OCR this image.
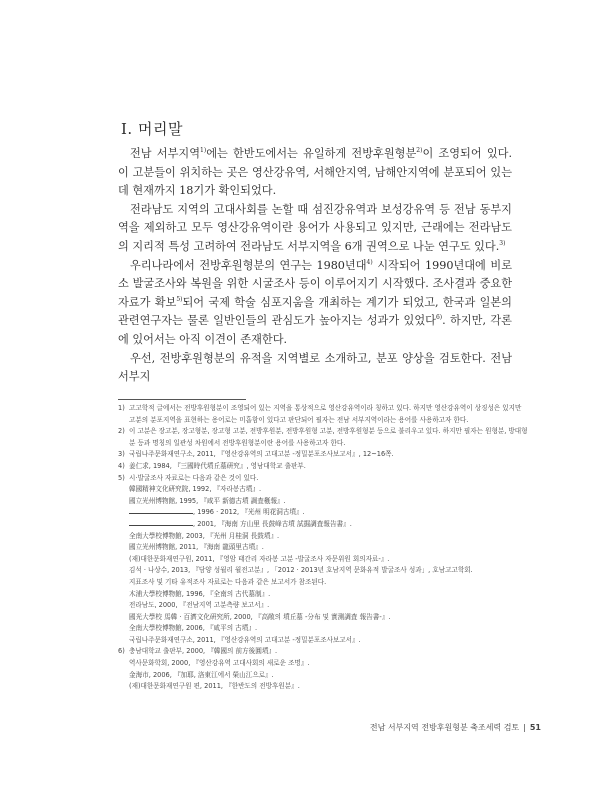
Ⅰ. 머리말

전남 서부지역$^{1)}$에는 한반도에서는 유일하게 전방후원형분$^{2)}$이 조영되어 있다. 이 고분들이 위치하는 곳은 영산강유역, 서해안지역, 남해안지역에 분포되어 있는데 현재까지 18기가 확인되었다.

전라남도 지역의 고대사회를 논할 때 섬진강유역과 보성강유역 등 전남 동부지 역을 제외하고 모두 영산강유역이란 용어가 사용되고 있지만, 근래에는 전라남도 의 지리적 특성 고려하여 전라남도 서부지역을 6개 권역으로 나눈 연구도 있다.$^{3)}$

우리나라에서 전방후원형분의 연구는 1980년대$^{4)}$ 시작되어 1990년대에 비로소 발굴조사와 복원을 위한 시굴조사 등이 이루어지기 시작했다. 조사결과 중요한 자료가 확보$^{5)}$되어 국제 학술 심포지움을 개최하는 계기가 되었고, 한국과 일본의 관련연구자는 물론 일반인들의 관심도가 높아지는 성과가 있었다$^{6)}$. 하지만, 각론에 있어서는 아직 이견이 존재한다.

우선, 전방후원형분의 유적을 지역별로 소개하고, 분포 양상을 검토한다. 전남 서부지

1) 고고학적 글에서는 전방후원형분이 조영되어 있는 지역을 통상적으로 영산강유역이라 칭하고 있다. 하지만 영산강유역이 상징성은 있지만 고분의 분포지역을 표현하는 용어로는 미흡함이 있다고 판단되어 필자는 전남 서부지역이라는 용어를 사용하고자 한다.
2) 이 고분은 장고분, 장고형분, 장고형 고분, 전방후원분, 전방후원형 고분, 전방후원형분 등으로 불리우고 있다. 하지만 필자는 원형분, 방대형분 등과 명칭의 일관성 차원에서 전방후원형분이란 용어를 사용하고자 한다.
3) 국립나주문화재연구소, 2011, 『영산강유역의 고대고분 -정밀분포조사보고서』, 12~16쪽.
4) 姜仁求, 1984, 『三國時代墳丘墓硏究』, 영남대학교 출판부.
5) 시·발굴조사 자료로는 다음과 같은 것이 있다.
韓國精神文化硏究院, 1992, 『자라봉古墳』.
國立光州博物館, 1995, 『咸平 新德古墳 調査槪報』.
, 1996 · 2012, 『光州 明花洞古墳』.
, 2001, 『海南 方山里 長鼓峰古墳 試掘調査報告書』.
全南大學校博物館, 2003, 『光州 月桂洞 長鼓墳』.
國立光州博物館, 2011, 『海南 龍頭里古墳』.
(재)대한문화재연구원, 2011, 『영암 태간리 자라봉 고분 -발굴조사 자문위원 회의자료-』.
김석 · 나상수, 2013, 『담양 성월리 월전고분』, 「2012 · 2013년 호남지역 문화유적 발굴조사 성과」, 호남고고학회.
지표조사 및 기타 유적조사 자료로는 다음과 같은 보고서가 참조된다.
木浦大學校博物館, 1996, 『全南의 古代墓制』.
전라남도, 2000, 『전남지역 고분측량 보고서』.
國光大學校 馬韓 · 百濟文化硏究所, 2000, 『高敞의 墳丘墓 -分布 및 實測調査 報告書-』.
全南大學校博物館, 2006, 『咸平의 古墳』.
국립나주문화재연구소, 2011, 『영산강유역의 고대고분 -정밀분포조사보고서』.
6) 충남대학교 출판부, 2000, 『韓國의 前方後圓墳』.
역사문화학회, 2000, 『영산강유역 고대사회의 새로운 조명』.
金海市, 2006, 『加耶, 洛東江에서 榮山江으로』.
(재)대한문화재연구원 편, 2011, 『한반도의 전방후원분』.
전남 서부지역 전방후원형분 축조세력 검토 | 51
